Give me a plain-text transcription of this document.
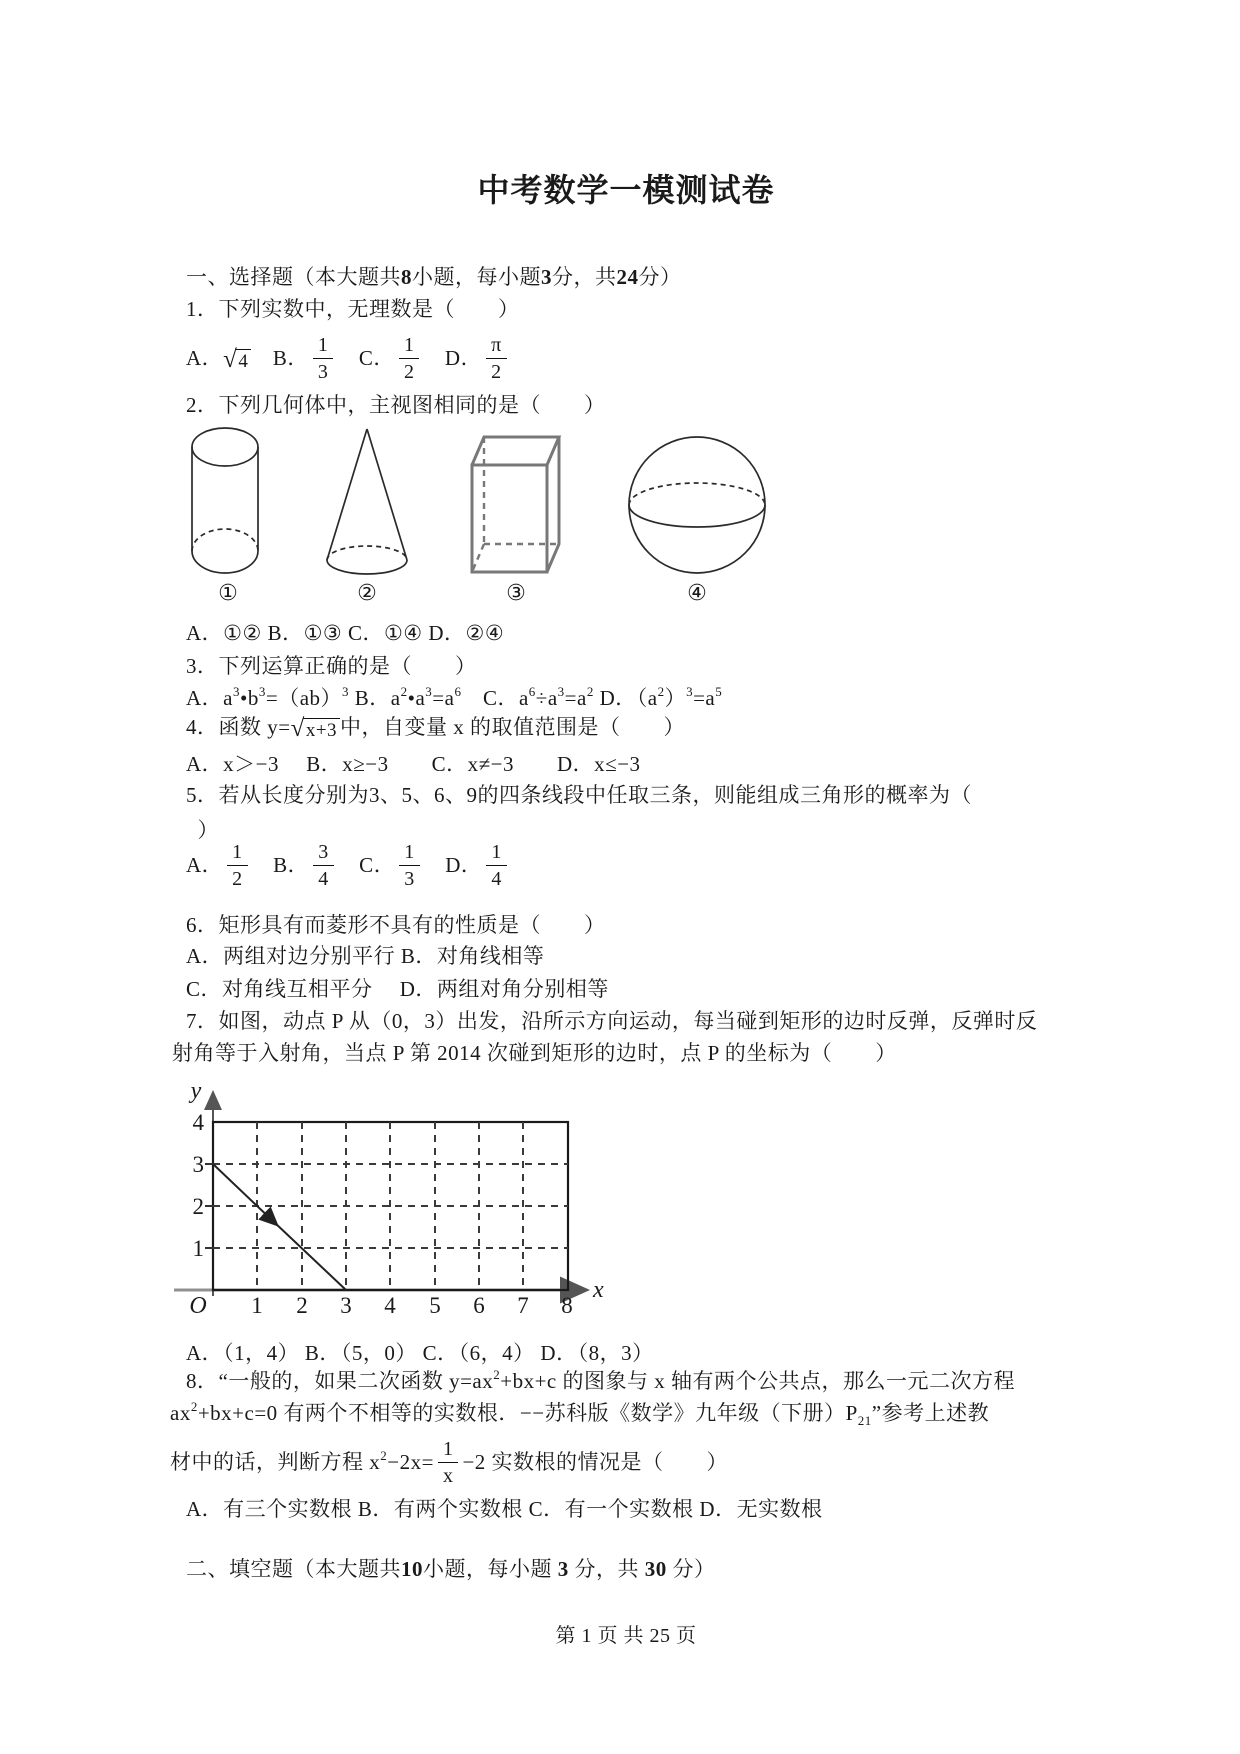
中考数学一模测试卷
一、选择题（本大题共8小题，每小题3分，共24分）
1．下列实数中，无理数是（　　）
A． √ 4 　B． $\frac{1}{3}$ 　C． $\frac{1}{2}$ 　D． $\frac{\pi}{2}$
2．下列几何体中，主视图相同的是（　　）
①	②	③	④
A．①② B．①③ C．①④ D．②④
3．下列运算正确的是（　　）
A．$a^3•b^3=(ab)^3$ B．$a^2•a^3=a^6$　C．$a^6\div a^3=a^2$ D．$(a^2)^3=a^5$
4．函数 y= √ x+3 中，自变量 x 的取值范围是（　　）
A．x＞−3　 B．x≥−3　　C．x≠−3　　D．x≤−3
5．若从长度分别为3、5、6、9的四条线段中任取三条，则能组成三角形的概率为（
　）
A． $\frac{1}{2}$ 　B． $\frac{3}{4}$ 　C． $\frac{1}{3}$ 　D． $\frac{1}{4}$
6．矩形具有而菱形不具有的性质是（　　）
A．两组对边分别平行 B．对角线相等
C．对角线互相平分　 D．两组对角分别相等
7．如图，动点 P 从（0，3）出发，沿所示方向运动，每当碰到矩形的边时反弹，反弹时反
射角等于入射角，当点 P 第 2014 次碰到矩形的边时，点 P 的坐标为（　　）
y
x
O
4
3
2
1
1 2 3 4 5 6 7 8
A．（1，4） B．（5，0） C．（6，4） D．（8，3）
8．“一般的，如果二次函数 $y=ax^2+bx+c$ 的图象与 x 轴有两个公共点，那么一元二次方程
$ax^2+bx+c=0$ 有两个不相等的实数根．−−苏科版《数学》九年级（下册）$P_{21}$”参考上述教
材中的话，判断方程 $x^2-2x= \frac{1}{x} -2$ 实数根的情况是（　　）
A．有三个实数根 B．有两个实数根 C．有一个实数根 D．无实数根
二、填空题（本大题共10小题，每小题 3 分，共 30 分）
第 1 页 共 25 页
